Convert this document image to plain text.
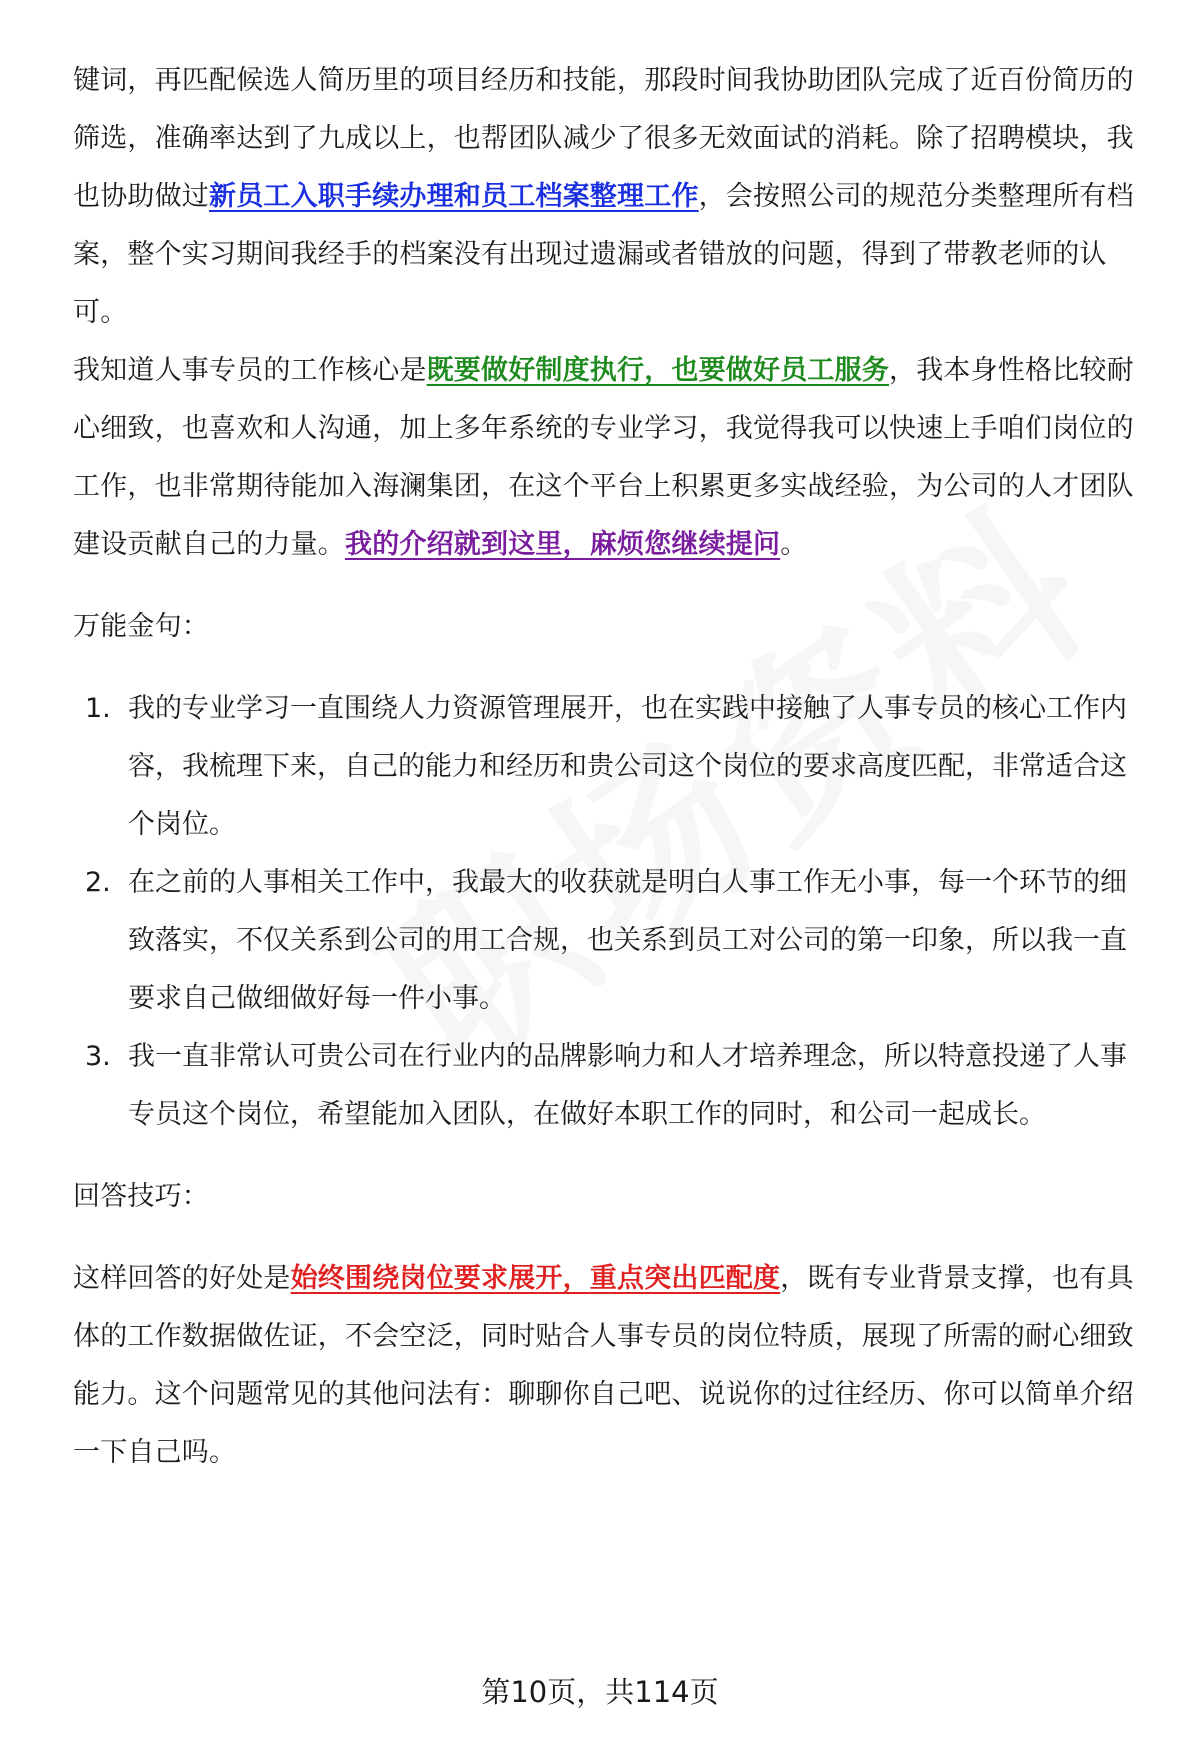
键词，再匹配候选人简历里的项目经历和技能，那段时间我协助团队完成了近百份简历的筛选，准确率达到了九成以上，也帮团队减少了很多无效面试的消耗。除了招聘模块，我也协助做过新员工入职手续办理和员工档案整理工作，会按照公司的规范分类整理所有档案，整个实习期间我经手的档案没有出现过遗漏或者错放的问题，得到了带教老师的认可。

我知道人事专员的工作核心是既要做好制度执行，也要做好员工服务，我本身性格比较耐心细致，也喜欢和人沟通，加上多年系统的专业学习，我觉得我可以快速上手咱们岗位的工作，也非常期待能加入海澜集团，在这个平台上积累更多实战经验，为公司的人才团队建设贡献自己的力量。我的介绍就到这里，麻烦您继续提问。

万能金句：

1. 我的专业学习一直围绕人力资源管理展开，也在实践中接触了人事专员的核心工作内容，我梳理下来，自己的能力和经历和贵公司这个岗位的要求高度匹配，非常适合这个岗位。
2. 在之前的人事相关工作中，我最大的收获就是明白人事工作无小事，每一个环节的细致落实，不仅关系到公司的用工合规，也关系到员工对公司的第一印象，所以我一直要求自己做细做好每一件小事。
3. 我一直非常认可贵公司在行业内的品牌影响力和人才培养理念，所以特意投递了人事专员这个岗位，希望能加入团队，在做好本职工作的同时，和公司一起成长。

回答技巧：

这样回答的好处是始终围绕岗位要求展开，重点突出匹配度，既有专业背景支撑，也有具体的工作数据做佐证，不会空泛，同时贴合人事专员的岗位特质，展现了所需的耐心细致能力。这个问题常见的其他问法有：聊聊你自己吧、说说你的过往经历、你可以简单介绍一下自己吗。

第10页，共114页
